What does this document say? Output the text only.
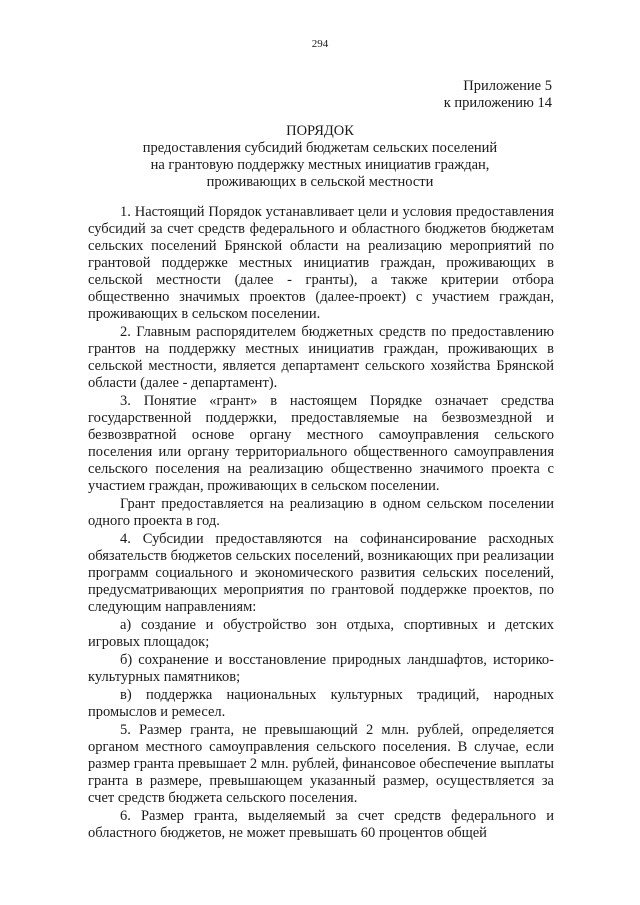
294
Приложение 5
к приложению 14
ПОРЯДОК
предоставления субсидий бюджетам сельских поселений
на грантовую поддержку местных инициатив граждан,
проживающих в сельской местности

1. Настоящий Порядок устанавливает цели и условия предоставления субсидий за счет средств федерального и областного бюджетов бюджетам сельских поселений Брянской области на реализацию мероприятий по грантовой поддержке местных инициатив граждан, проживающих в сельской местности (далее - гранты), а также критерии отбора общественно значимых проектов (далее-проект) с участием граждан, проживающих в сельском поселении.

2. Главным распорядителем бюджетных средств по предоставлению грантов на поддержку местных инициатив граждан, проживающих в сельской местности, является департамент сельского хозяйства Брянской области (далее - департамент).

3. Понятие «грант» в настоящем Порядке означает средства государственной поддержки, предоставляемые на безвозмездной и безвозвратной основе органу местного самоуправления сельского поселения или органу территориального общественного самоуправления сельского поселения на реализацию общественно значимого проекта с участием граждан, проживающих в сельском поселении.

Грант предоставляется на реализацию в одном сельском поселении одного проекта в год.

4. Субсидии предоставляются на софинансирование расходных обязательств бюджетов сельских поселений, возникающих при реализации программ социального и экономического развития сельских поселений, предусматривающих мероприятия по грантовой поддержке проектов, по следующим направлениям:

а) создание и обустройство зон отдыха, спортивных и детских игровых площадок;

б) сохранение и восстановление природных ландшафтов, историко-культурных памятников;

в) поддержка национальных культурных традиций, народных промыслов и ремесел.

5. Размер гранта, не превышающий 2 млн. рублей, определяется органом местного самоуправления сельского поселения. В случае, если размер гранта превышает 2 млн. рублей, финансовое обеспечение выплаты гранта в размере, превышающем указанный размер, осуществляется за счет средств бюджета сельского поселения.

6. Размер гранта, выделяемый за счет средств федерального и областного бюджетов, не может превышать 60 процентов общей
